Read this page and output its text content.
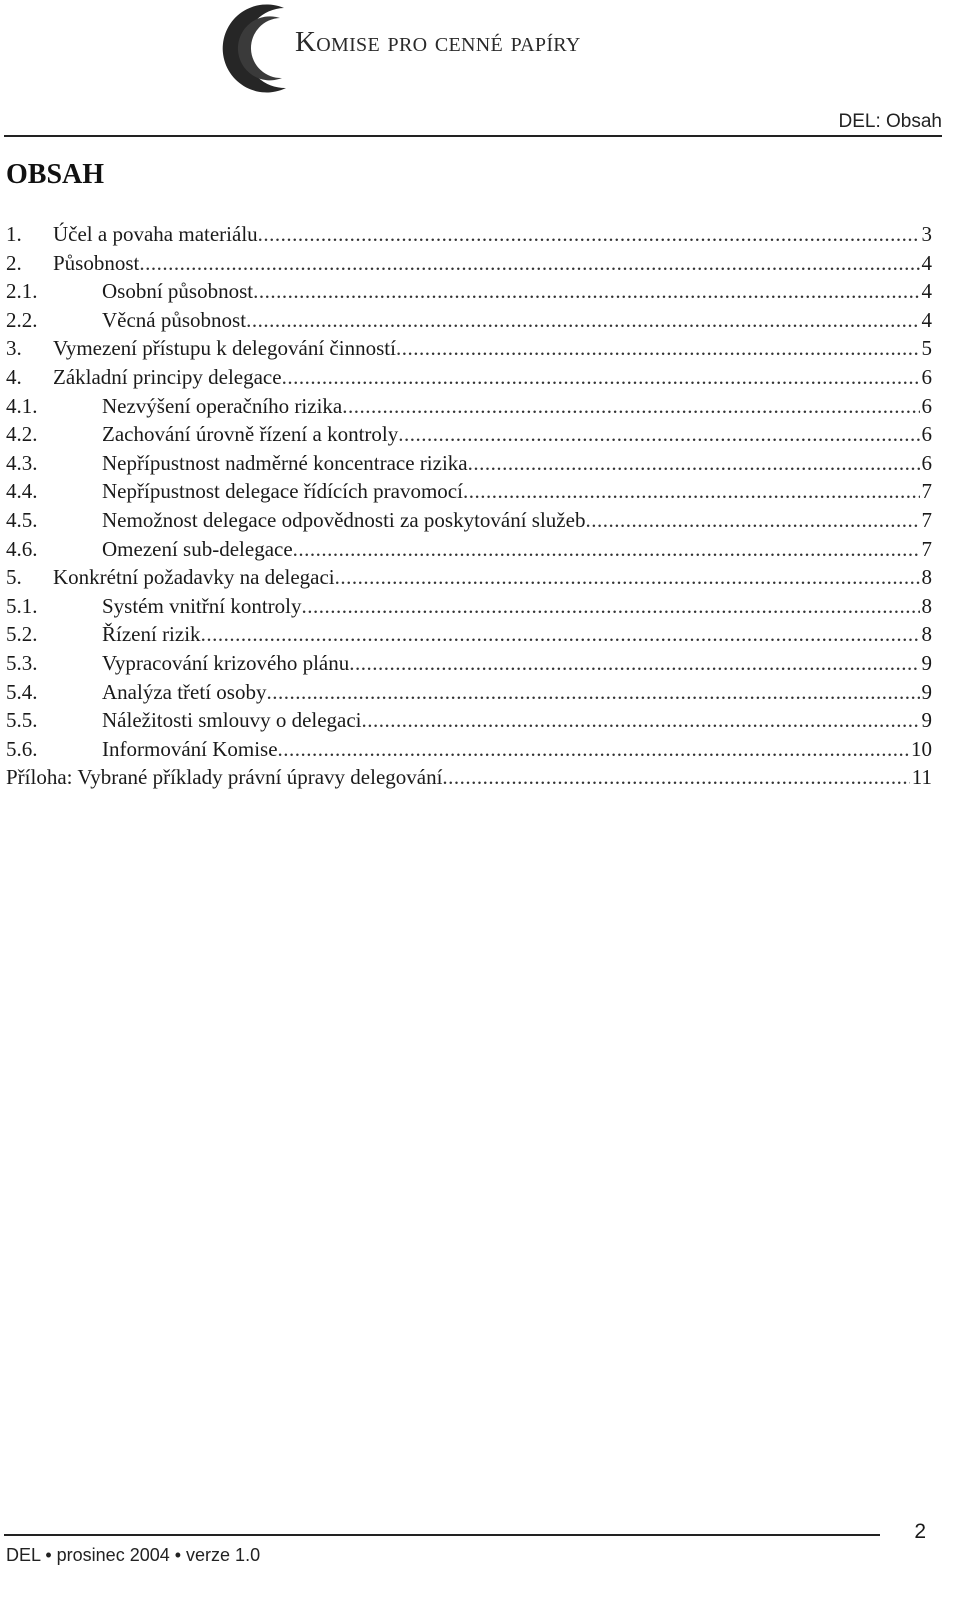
Komise pro cenné papíry
DEL: Obsah
OBSAH
1. Účel a povaha materiálu .....	3
2. Působnost .....	4
2.1.	Osobní působnost .....	4
2.2.	Věcná působnost .....	4
3. Vymezení přístupu k delegování činností .....	5
4. Základní principy delegace .....	6
4.1.	Nezvýšení operačního rizika .....	6
4.2.	Zachování úrovně řízení a kontroly .....	6
4.3.	Nepřípustnost nadměrné koncentrace rizika .....	6
4.4.	Nepřípustnost delegace řídících pravomocí .....	7
4.5.	Nemožnost delegace odpovědnosti za poskytování služeb .....	7
4.6.	Omezení sub-delegace .....	7
5. Konkrétní požadavky na delegaci .....	8
5.1.	Systém vnitřní kontroly .....	8
5.2.	Řízení rizik .....	8
5.3.	Vypracování krizového plánu .....	9
5.4.	Analýza třetí osoby .....	9
5.5.	Náležitosti smlouvy o delegaci .....	9
5.6.	Informování Komise .....	10
Příloha: Vybrané příklady právní úpravy delegování .....	11
2
DEL • prosinec 2004 • verze 1.0
